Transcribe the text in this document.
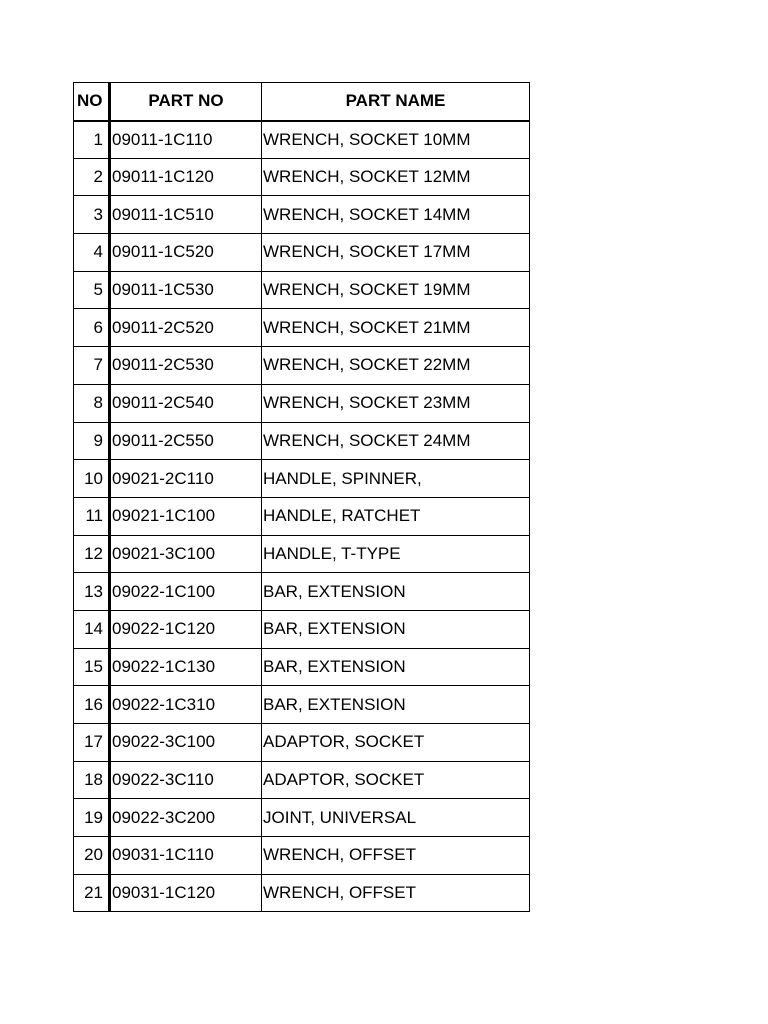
NO	PART NO	PART NAME
1	09011-1C110	WRENCH, SOCKET 10MM
2	09011-1C120	WRENCH, SOCKET 12MM
3	09011-1C510	WRENCH, SOCKET 14MM
4	09011-1C520	WRENCH, SOCKET 17MM
5	09011-1C530	WRENCH, SOCKET 19MM
6	09011-2C520	WRENCH, SOCKET 21MM
7	09011-2C530	WRENCH, SOCKET 22MM
8	09011-2C540	WRENCH, SOCKET 23MM
9	09011-2C550	WRENCH, SOCKET 24MM
10	09021-2C110	HANDLE, SPINNER,
11	09021-1C100	HANDLE, RATCHET
12	09021-3C100	HANDLE, T-TYPE
13	09022-1C100	BAR, EXTENSION
14	09022-1C120	BAR, EXTENSION
15	09022-1C130	BAR, EXTENSION
16	09022-1C310	BAR, EXTENSION
17	09022-3C100	ADAPTOR, SOCKET
18	09022-3C110	ADAPTOR, SOCKET
19	09022-3C200	JOINT, UNIVERSAL
20	09031-1C110	WRENCH, OFFSET
21	09031-1C120	WRENCH, OFFSET
